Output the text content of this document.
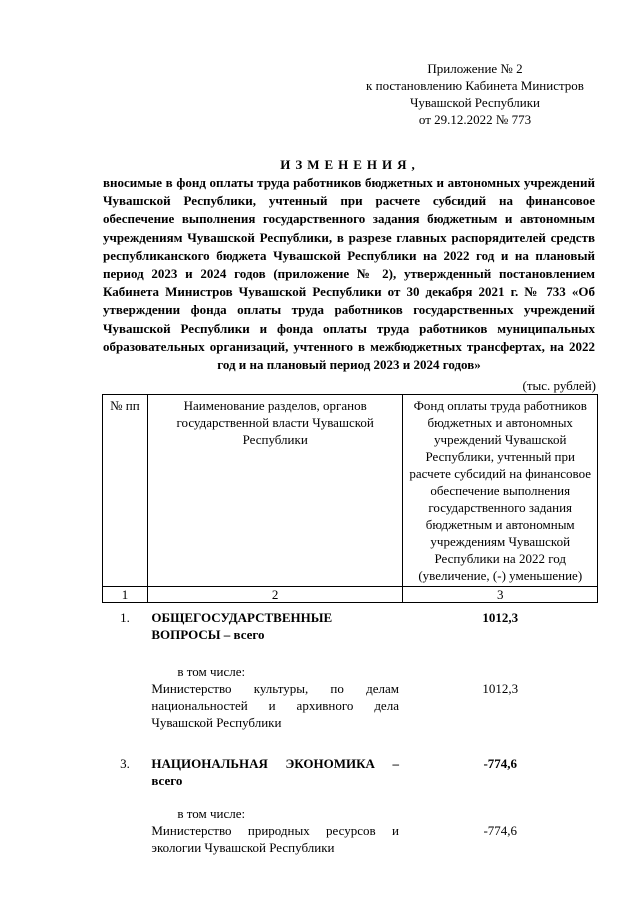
Приложение № 2
к постановлению Кабинета Министров
Чувашской Республики
от 29.12.2022 № 773
ИЗМЕНЕНИЯ,
вносимые в фонд оплаты труда работников бюджетных и автономных учреждений Чувашской Республики, учтенный при расчете субсидий на финансовое обеспечение выполнения государственного задания бюджетным и автономным учреждениям Чувашской Республики, в разрезе главных распорядителей средств республиканского бюджета Чувашской Республики на 2022 год и на плановый период 2023 и 2024 годов (приложение № 2), утвержденный постановлением Кабинета Министров Чувашской Республики от 30 декабря 2021 г. № 733 «Об утверждении фонда оплаты труда работников государственных учреждений Чувашской Республики и фонда оплаты труда работников муниципальных образовательных организаций, учтенного в межбюджетных трансфертах, на 2022 год и на плановый период 2023 и 2024 годов»
(тыс. рублей)
№ пп	Наименование разделов, органов государственной власти Чувашской Республики	Фонд оплаты труда работников бюджетных и автономных учреждений Чувашской Республики, учтенный при расчете субсидий на финансовое обеспечение выполнения государственного задания бюджетным и автономным учреждениям Чувашской Республики на 2022 год (увеличение, (-) уменьшение)
1	2	3
1.	ОБЩЕГОСУДАРСТВЕННЫЕ ВОПРОСЫ – всего	1012,3
	в том числе:	
	Министерство культуры, по делам национальностей и архивного дела Чувашской Республики	1012,3
3.	НАЦИОНАЛЬНАЯ ЭКОНОМИКА – всего	-774,6
	в том числе:	
	Министерство природных ресурсов и экологии Чувашской Республики	-774,6
